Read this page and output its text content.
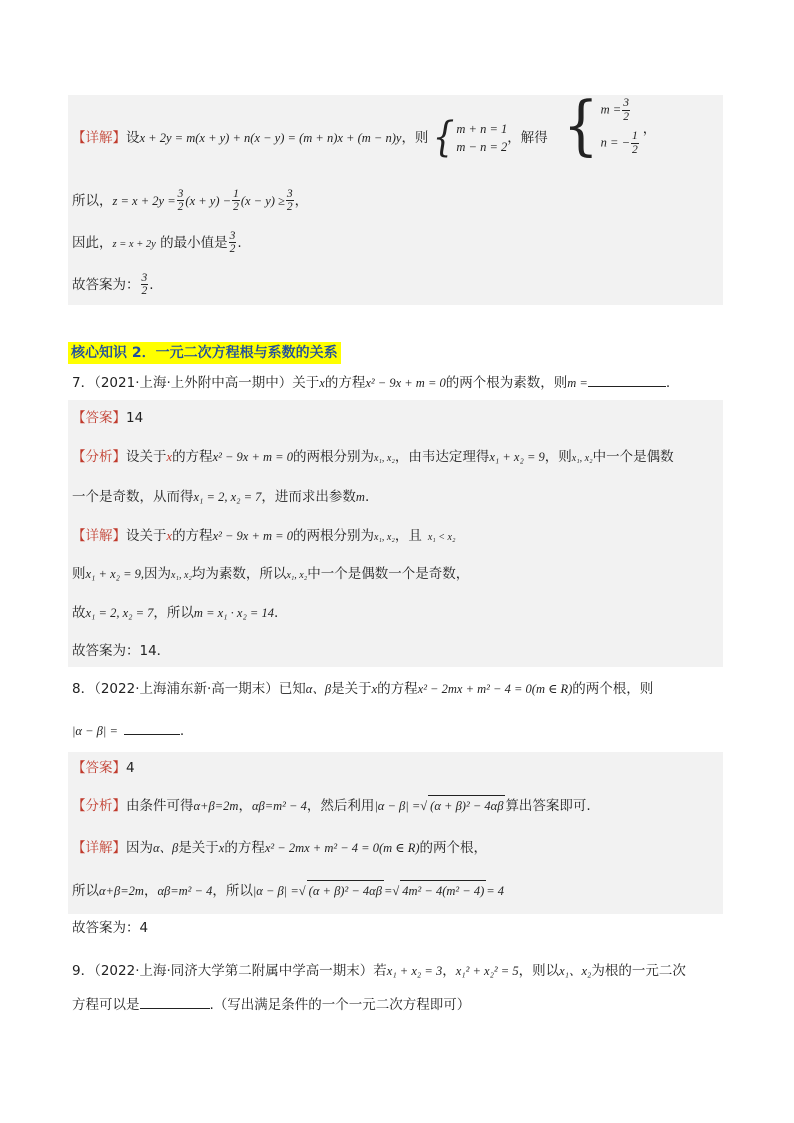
【详解】设x + 2y = m(x + y) + n(x − y) = (m + n)x + (m − n)y，则 { m + n = 1
m − n = 2
，解得 { $m = \frac{3}{2}$
n = − $\frac{1}{2}$
，
所以，$z = x + 2y = \frac{3}{2} (x + y) - \frac{1}{2} (x - y) \ge \frac{3}{2}$ ，
因此，z = x + 2y 的最小值是 $\frac{3}{2}$ .
故答案为： $\frac{3}{2}$ .
核心知识 2．一元二次方程根与系数的关系
7．（2021·上海·上外附中高一期中）关于x的方程x² − 9x + m = 0的两个根为素数，则m =	.
【答案】14
【分析】设关于x的方程x² − 9x + m = 0的两根分别为x₁, x₂，由韦达定理得x₁ + x₂ = 9，则x₁, x₂中一个是偶数
一个是奇数，从而得x₁ = 2, x₂ = 7，进而求出参数m.
【详解】设关于x的方程x² − 9x + m = 0的两根分别为x₁, x₂，且 x₁ < x₂
则x₁ + x₂ = 9,因为x₁, x₂均为素数，所以x₁, x₂中一个是偶数一个是奇数，
故x₁ = 2, x₂ = 7，所以m = x₁ · x₂ = 14.
故答案为：14．
8．（2022·上海浦东新·高一期末）已知α、β是关于x的方程x² − 2mx + m² − 4 = 0(m ∈ R)的两个根，则
|α − β| =	.
【答案】4
【分析】由条件可得α+β=2m，αβ=m² − 4，然后利用|α − β| =√ (α + β)² − 4αβ 算出答案即可.
【详解】因为α、β是关于x的方程x² − 2mx + m² − 4 = 0(m ∈ R)的两个根，
所以α+β=2m，αβ=m² − 4，所以|α − β| =√ (α + β)² − 4αβ =√ 4m² − 4(m² − 4) = 4
故答案为：4
9．（2022·上海·同济大学第二附属中学高一期末）若x₁ + x₂ = 3，x₁² + x₂² = 5，则以x₁、x₂为根的一元二次
方程可以是	.（写出满足条件的一个一元二次方程即可）
